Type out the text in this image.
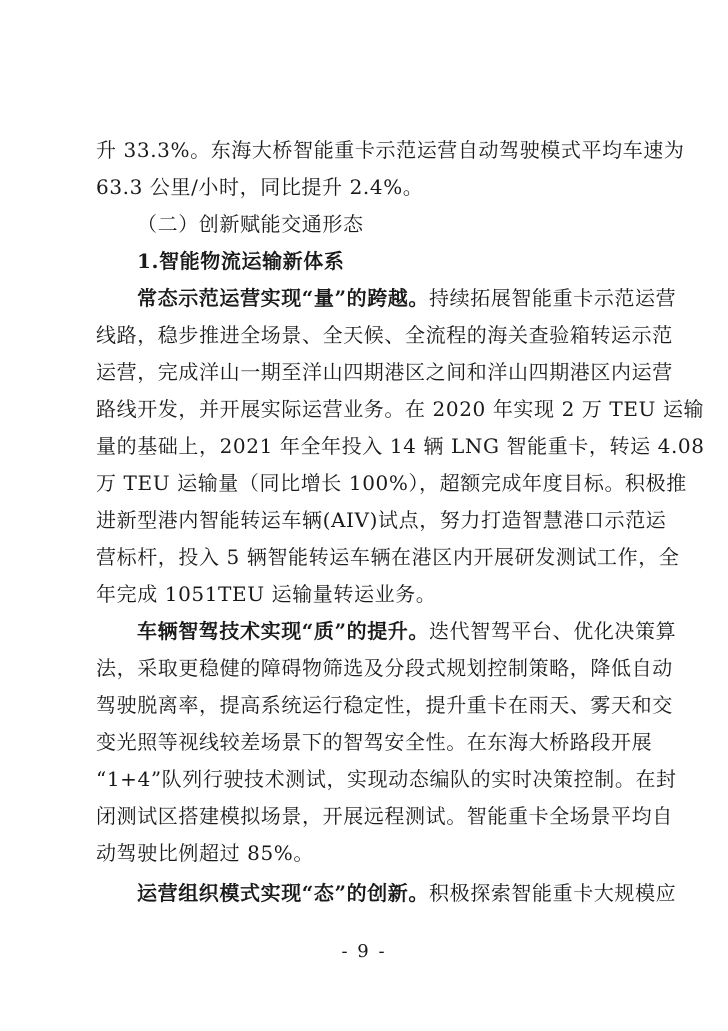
升 33.3%。东海大桥智能重卡示范运营自动驾驶模式平均车速为
63.3 公里/小时，同比提升 2.4%。
（二）创新赋能交通形态
1.智能物流运输新体系
常态示范运营实现“量”的跨越。持续拓展智能重卡示范运营
线路，稳步推进全场景、全天候、全流程的海关查验箱转运示范
运营，完成洋山一期至洋山四期港区之间和洋山四期港区内运营
路线开发，并开展实际运营业务。在 2020 年实现 2 万 TEU 运输
量的基础上，2021 年全年投入 14 辆 LNG 智能重卡，转运 4.08
万 TEU 运输量（同比增长 100%），超额完成年度目标。积极推
进新型港内智能转运车辆(AIV)试点，努力打造智慧港口示范运
营标杆，投入 5 辆智能转运车辆在港区内开展研发测试工作，全
年完成 1051TEU 运输量转运业务。
车辆智驾技术实现“质”的提升。迭代智驾平台、优化决策算
法，采取更稳健的障碍物筛选及分段式规划控制策略，降低自动
驾驶脱离率，提高系统运行稳定性，提升重卡在雨天、雾天和交
变光照等视线较差场景下的智驾安全性。在东海大桥路段开展
“1+4”队列行驶技术测试，实现动态编队的实时决策控制。在封
闭测试区搭建模拟场景，开展远程测试。智能重卡全场景平均自
动驾驶比例超过 85%。
运营组织模式实现“态”的创新。积极探索智能重卡大规模应
- 9 -
